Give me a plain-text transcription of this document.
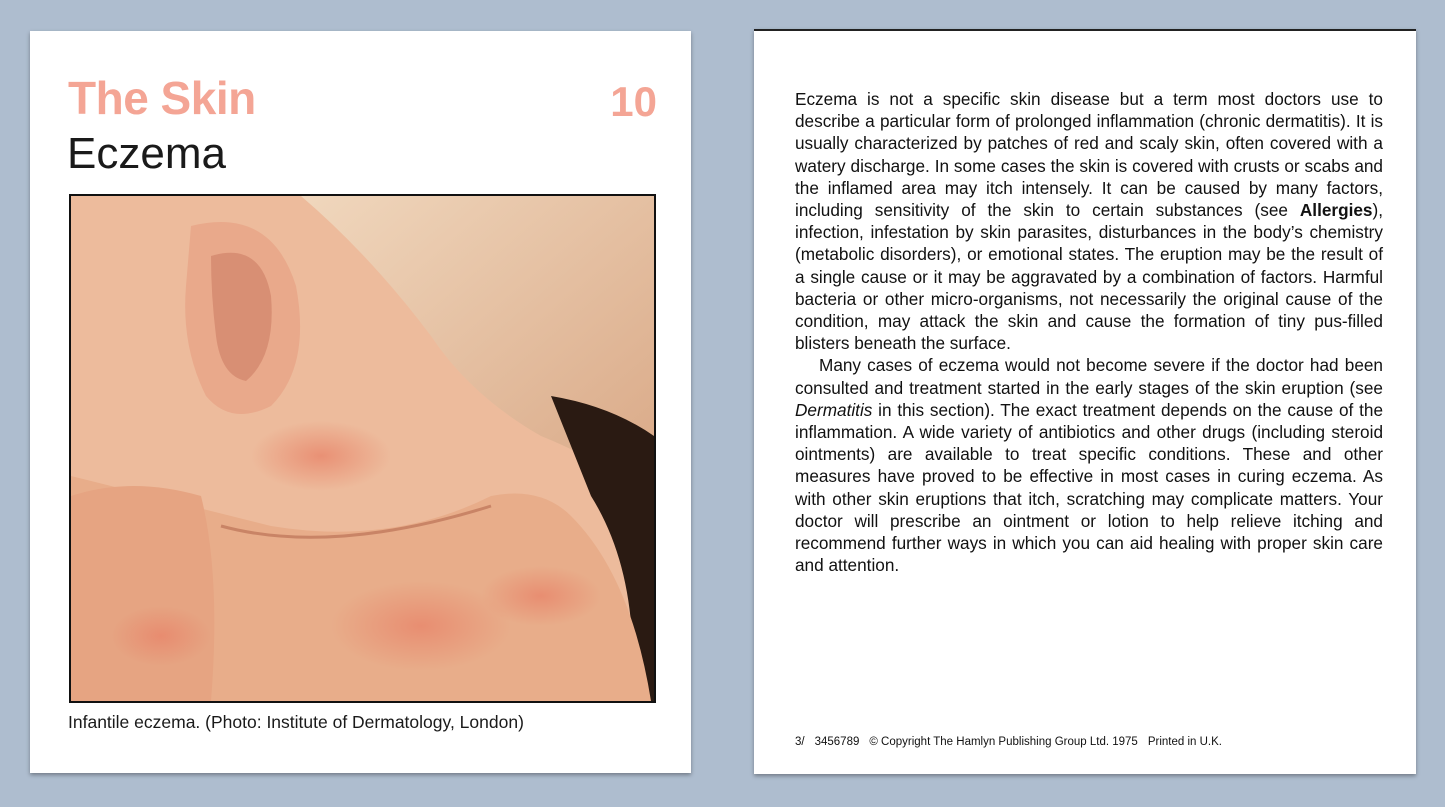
The Skin	10
Eczema
Infantile eczema. (Photo: Institute of Dermatology, London)

Eczema is not a specific skin disease but a term most doctors use to describe a particular form of prolonged inflammation (chronic dermatitis). It is usually characterized by patches of red and scaly skin, often covered with a watery discharge. In some cases the skin is covered with crusts or scabs and the inflamed area may itch intensely. It can be caused by many factors, including sensitivity of the skin to certain substances (see Allergies), infection, infestation by skin parasites, disturbances in the body’s chemistry (metabolic disorders), or emotional states. The eruption may be the result of a single cause or it may be aggravated by a combination of factors. Harmful bacteria or other micro-organisms, not necessarily the original cause of the condition, may attack the skin and cause the formation of tiny pus-filled blisters beneath the surface.

Many cases of eczema would not become severe if the doctor had been consulted and treatment started in the early stages of the skin eruption (see Dermatitis in this section). The exact treatment depends on the cause of the inflammation. A wide variety of antibiotics and other drugs (including steroid ointments) are available to treat specific conditions. These and other measures have proved to be effective in most cases in curing eczema. As with other skin eruptions that itch, scratching may complicate matters. Your doctor will prescribe an ointment or lotion to help relieve itching and recommend further ways in which you can aid healing with proper skin care and attention.

3/ 3456789 © Copyright The Hamlyn Publishing Group Ltd. 1975 Printed in U.K.
